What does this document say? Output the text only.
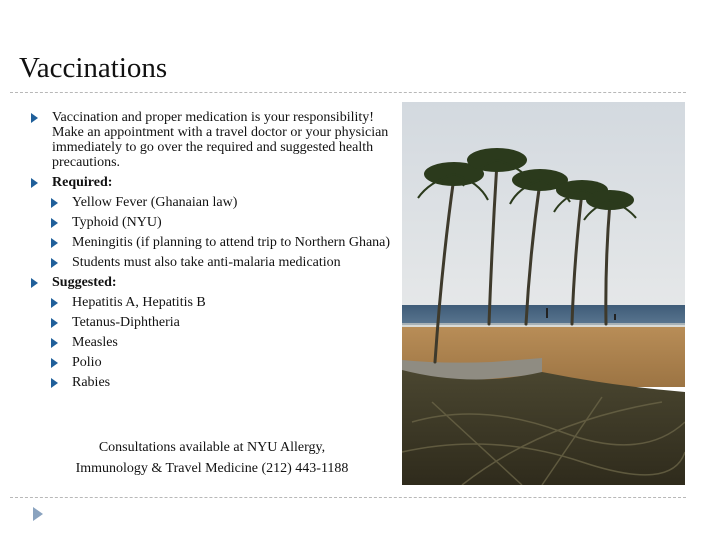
Vaccinations
Vaccination and proper medication is your responsibility! Make an appointment with a travel doctor or your physician immediately to go over the required and suggested health precautions.
Required:
Yellow Fever (Ghanaian law)
Typhoid (NYU)
Meningitis (if planning to attend trip to Northern Ghana)
Students must also take anti-malaria medication
Suggested:
Hepatitis A, Hepatitis B
Tetanus-Diphtheria
Measles
Polio
Rabies
Consultations available at NYU Allergy,
Immunology & Travel Medicine (212) 443-1188
